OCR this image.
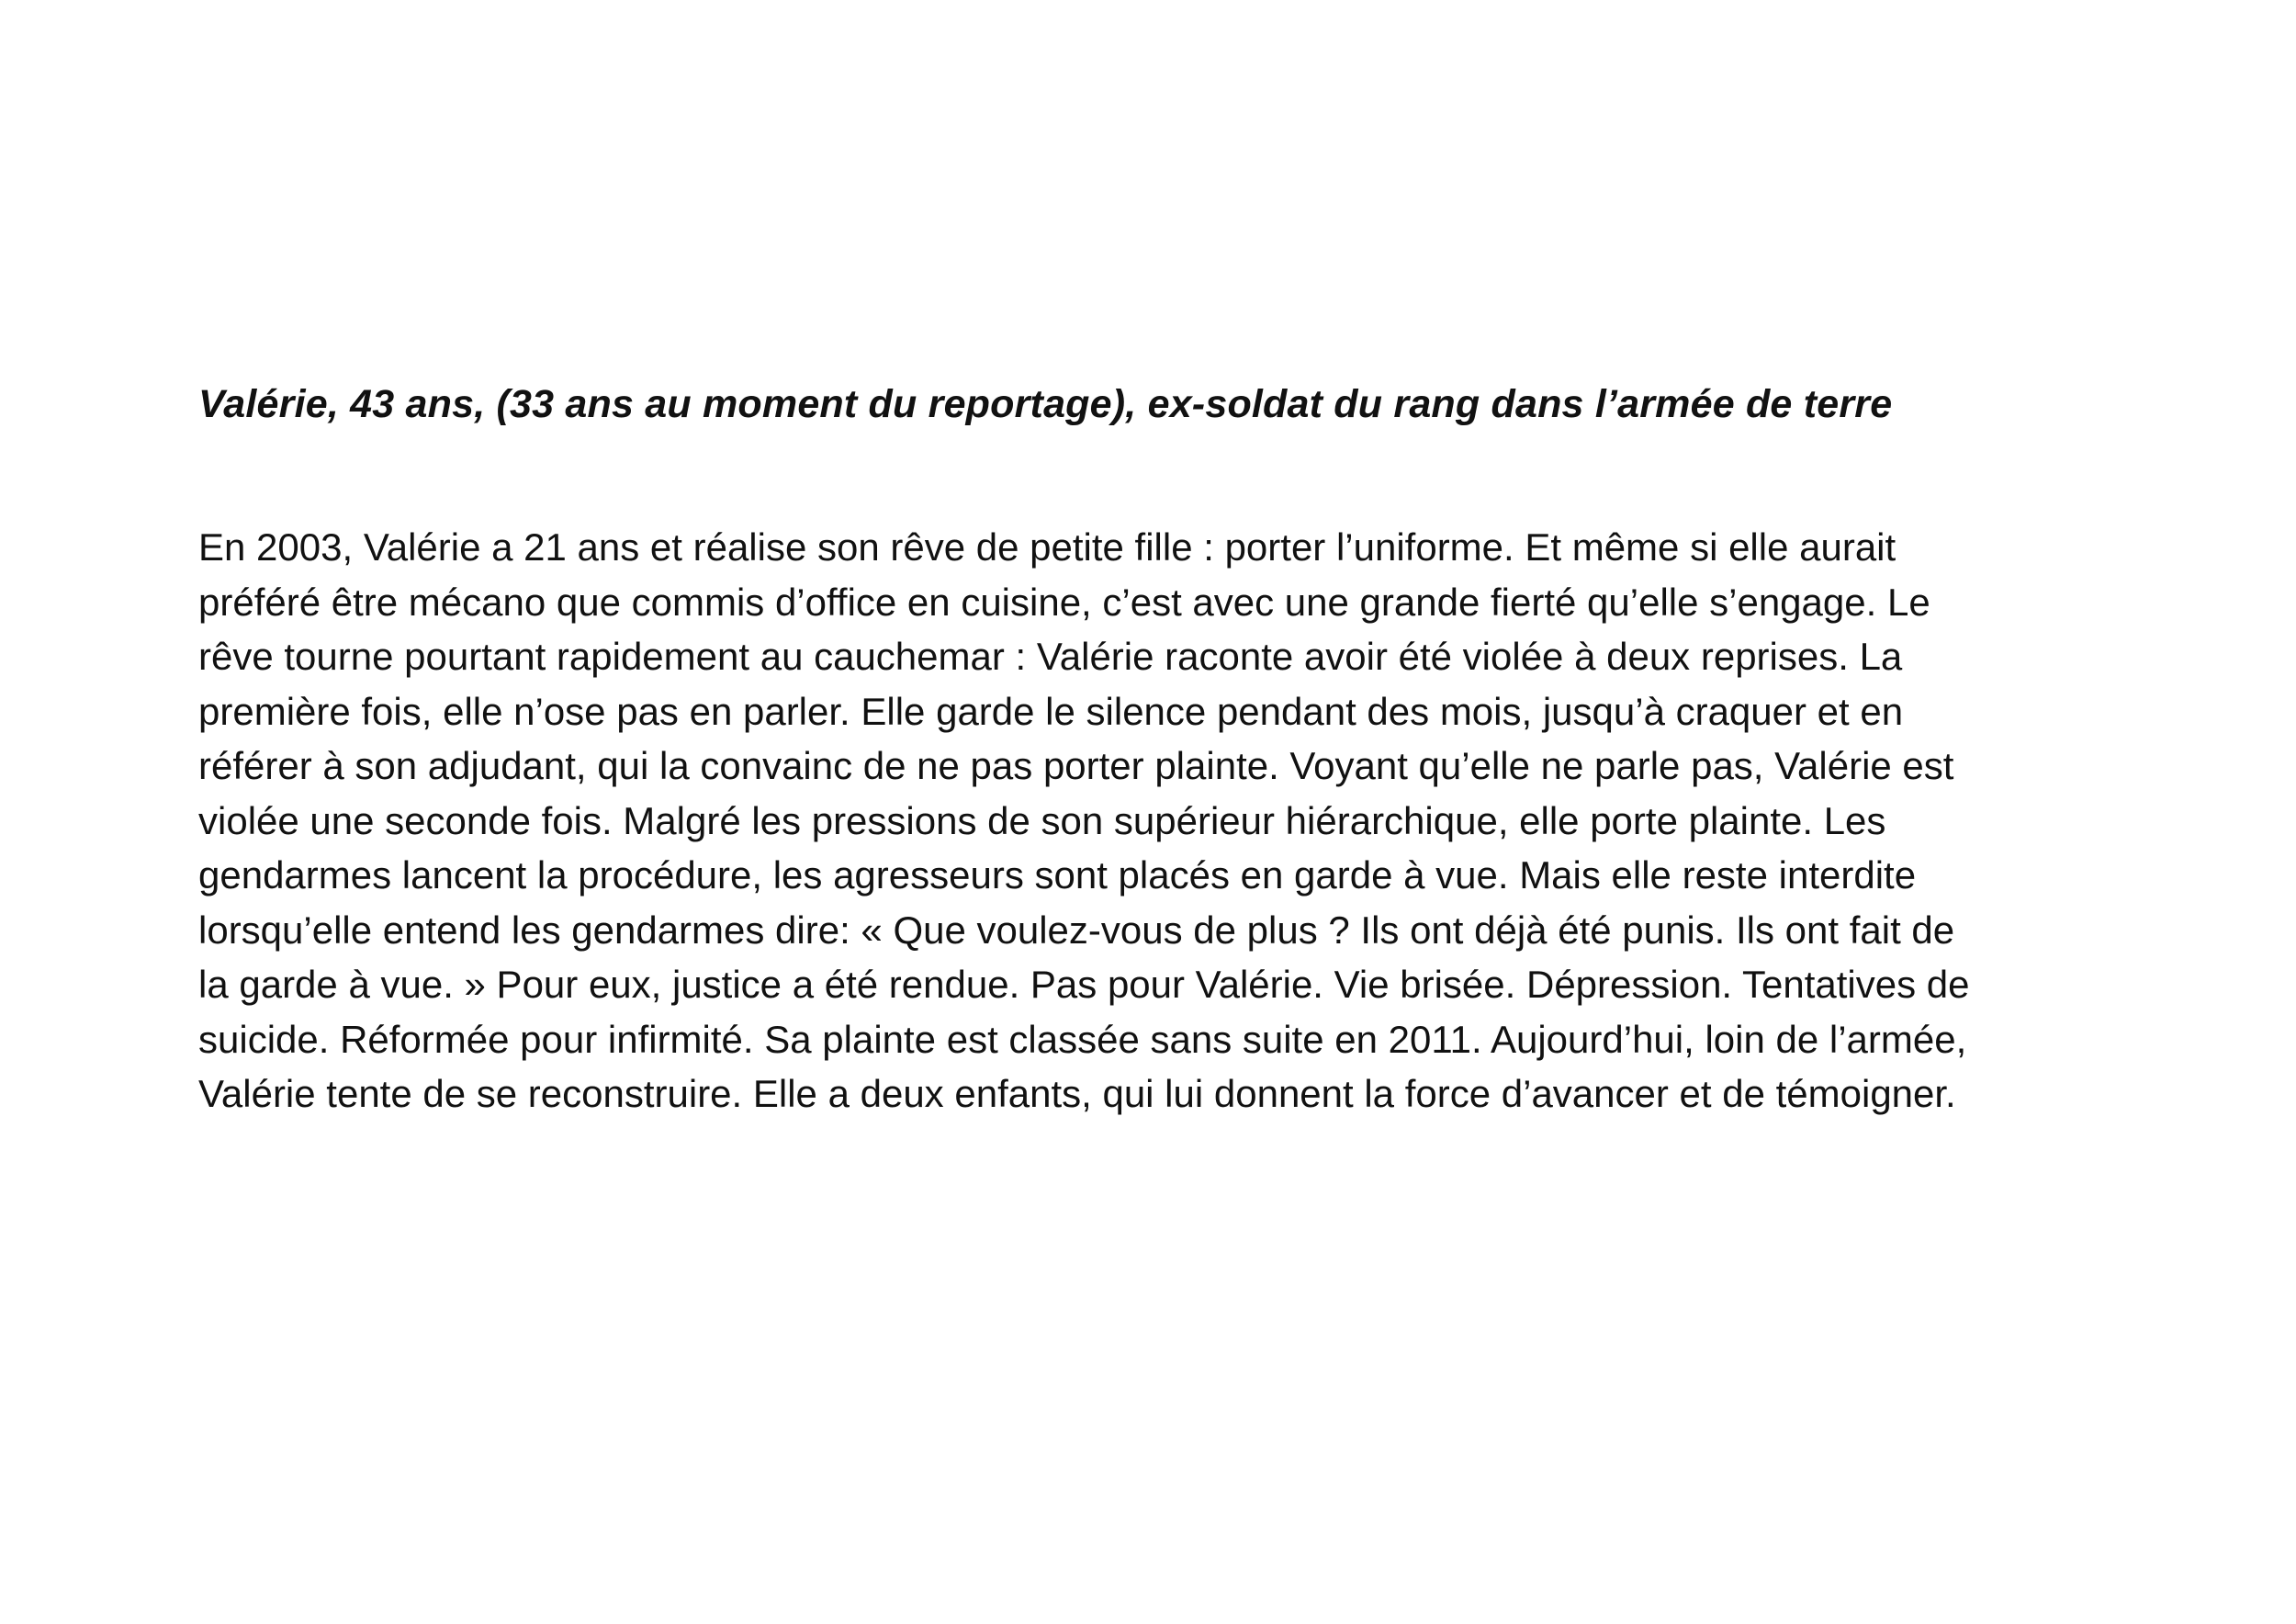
Valérie, 43 ans, (33 ans au moment du reportage), ex-soldat du rang dans l’armée de terre
En 2003, Valérie a 21 ans et réalise son rêve de petite fille : porter l’uniforme. Et même si elle aurait
préféré être mécano que commis d’office en cuisine, c’est avec une grande fierté qu’elle s’engage. Le
rêve tourne pourtant rapidement au cauchemar : Valérie raconte avoir été violée à deux reprises. La
première fois, elle n’ose pas en parler. Elle garde le silence pendant des mois, jusqu’à craquer et en
référer à son adjudant, qui la convainc de ne pas porter plainte. Voyant qu’elle ne parle pas, Valérie est
violée une seconde fois. Malgré les pressions de son supérieur hiérarchique, elle porte plainte. Les
gendarmes lancent la procédure, les agresseurs sont placés en garde à vue. Mais elle reste interdite
lorsqu’elle entend les gendarmes dire: « Que voulez-vous de plus ? Ils ont déjà été punis. Ils ont fait de
la garde à vue. » Pour eux, justice a été rendue. Pas pour Valérie. Vie brisée. Dépression. Tentatives de
suicide. Réformée pour infirmité. Sa plainte est classée sans suite en 2011. Aujourd’hui, loin de l’armée,
Valérie tente de se reconstruire. Elle a deux enfants, qui lui donnent la force d’avancer et de témoigner.
